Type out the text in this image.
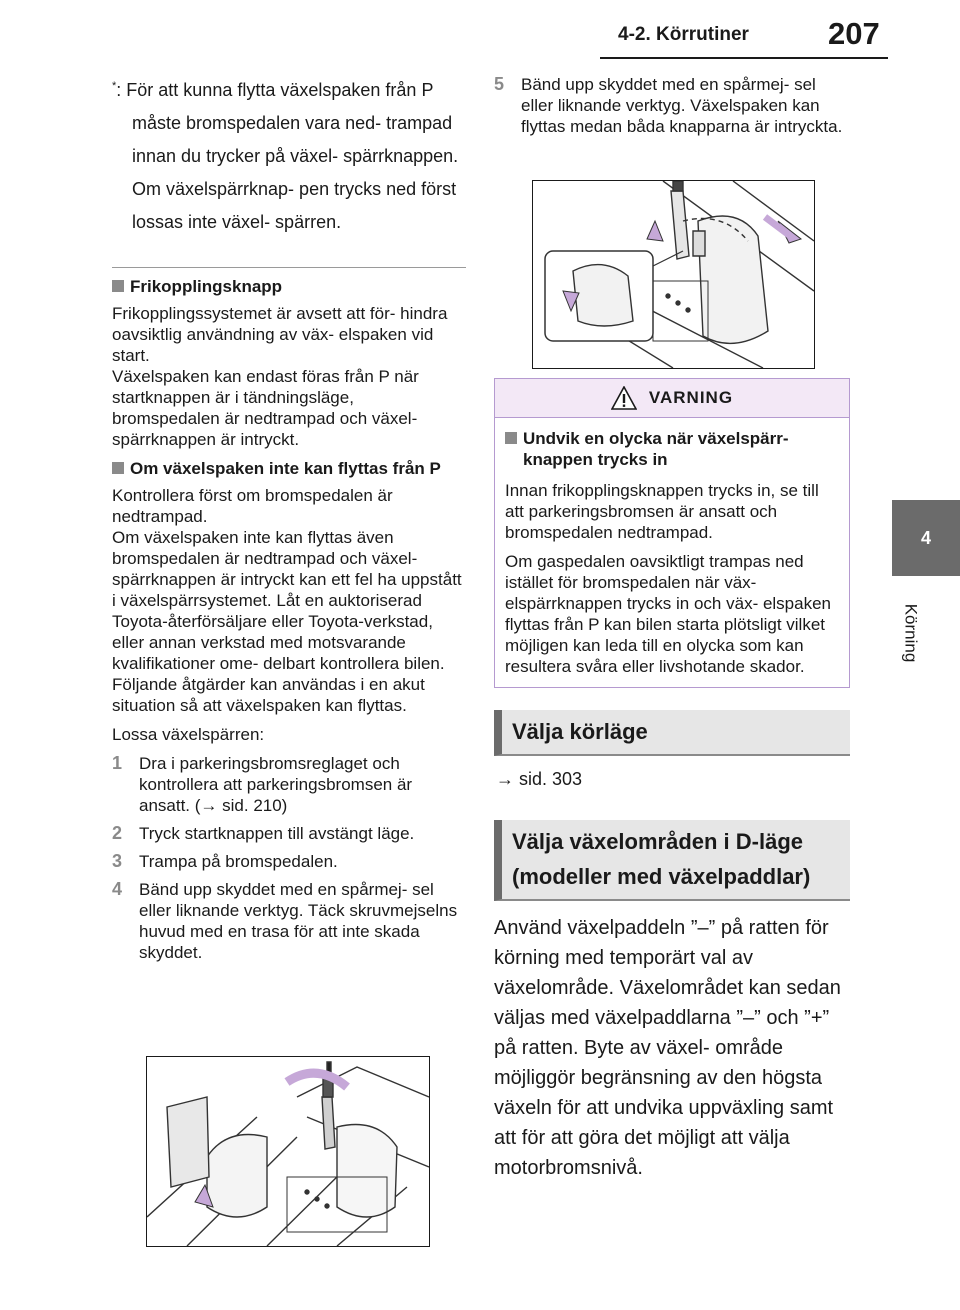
4-2. Körrutiner	207
4
Körning

*: För att kunna flytta växelspaken från P måste bromspedalen vara ned- trampad innan du trycker på växel- spärrknappen. Om växelspärrknap- pen trycks ned först lossas inte växel- spärren.

Frikopplingsknapp

Frikopplingssystemet är avsett att för- hindra oavsiktlig användning av väx- elspaken vid start.
Växelspaken kan endast föras från P när startknappen är i tändningsläge, bromspedalen är nedtrampad och växel- spärrknappen är intryckt.

Om växelspaken inte kan flyttas från P

Kontrollera först om bromspedalen är nedtrampad.
Om växelspaken inte kan flyttas även bromspedalen är nedtrampad och växel- spärrknappen är intryckt kan ett fel ha uppstått i växelspärrsystemet. Låt en auktoriserad Toyota-återförsäljare eller Toyota-verkstad, eller annan verkstad med motsvarande kvalifikationer ome- delbart kontrollera bilen.
Följande åtgärder kan användas i en akut situation så att växelspaken kan flyttas.

Lossa växelspärren:

1 Dra i parkeringsbromsreglaget och kontrollera att parkeringsbromsen är ansatt. (→ sid. 210)
2 Tryck startknappen till avstängt läge.
3 Trampa på bromspedalen.
4 Bänd upp skyddet med en spårmej- sel eller liknande verktyg. Täck skruvmejselns huvud med en trasa för att inte skada skyddet.
5 Bänd upp skyddet med en spårmej- sel eller liknande verktyg. Växelspaken kan flyttas medan båda knapparna är intryckta.
VARNING
Undvik en olycka när växelspärr- knappen trycks in

Innan frikopplingsknappen trycks in, se till att parkeringsbromsen är ansatt och bromspedalen nedtrampad.

Om gaspedalen oavsiktligt trampas ned istället för bromspedalen när väx- elspärrknappen trycks in och väx- elspaken flyttas från P kan bilen starta plötsligt vilket möjligen kan leda till en olycka som kan resultera svåra eller livshotande skador.

Välja körläge

→ sid. 303

Välja växelområden i D-läge (modeller med växelpaddlar)

Använd växelpaddeln ”–” på ratten för körning med temporärt val av växelområde. Växelområdet kan sedan väljas med växelpaddlarna ”–” och ”+” på ratten. Byte av växel- område möjliggör begränsning av den högsta växeln för att undvika uppväxling samt att för att göra det möjligt att välja motorbromsnivå.
